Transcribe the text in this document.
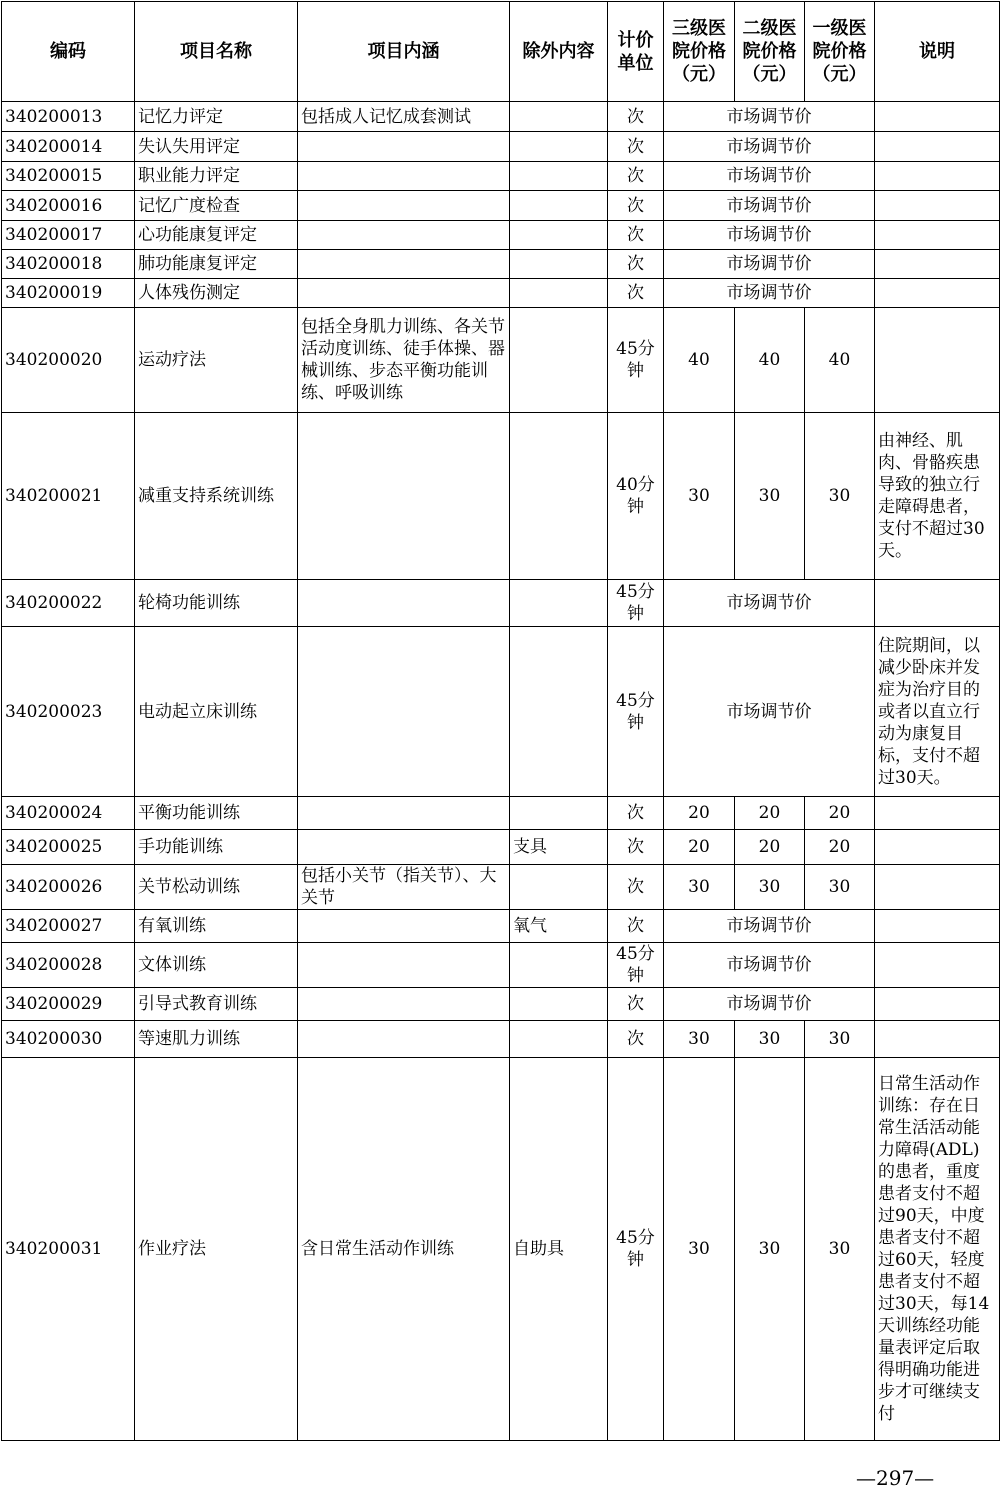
编码	项目名称	项目内涵	除外内容	计价单位	三级医院价格（元）	二级医院价格（元）	一级医院价格（元）	说明
340200013	记忆力评定	包括成人记忆成套测试		次	市场调节价			
340200014	失认失用评定			次	市场调节价			
340200015	职业能力评定			次	市场调节价			
340200016	记忆广度检查			次	市场调节价			
340200017	心功能康复评定			次	市场调节价			
340200018	肺功能康复评定			次	市场调节价			
340200019	人体残伤测定			次	市场调节价			
340200020	运动疗法	包括全身肌力训练、各关节活动度训练、徒手体操、器械训练、步态平衡功能训练、呼吸训练		45分钟	40	40	40	
340200021	减重支持系统训练			40分钟	30	30	30	由神经、肌肉、骨骼疾患导致的独立行走障碍患者，支付不超过30天。
340200022	轮椅功能训练			45分钟	市场调节价			
340200023	电动起立床训练			45分钟	市场调节价			住院期间，以减少卧床并发症为治疗目的或者以直立行动为康复目标，支付不超过30天。
340200024	平衡功能训练			次	20	20	20	
340200025	手功能训练		支具	次	20	20	20	
340200026	关节松动训练	包括小关节（指关节）、大关节		次	30	30	30	
340200027	有氧训练		氧气	次	市场调节价			
340200028	文体训练			45分钟	市场调节价			
340200029	引导式教育训练			次	市场调节价			
340200030	等速肌力训练			次	30	30	30	
340200031	作业疗法	含日常生活动作训练	自助具	45分钟	30	30	30	日常生活动作训练：存在日常生活活动能力障碍(ADL)的患者，重度患者支付不超过90天，中度患者支付不超 过60天，轻度患者支付不超过30天，每14天训练经功能量表评定后取得明确功能进步才可继续支付
—297—
